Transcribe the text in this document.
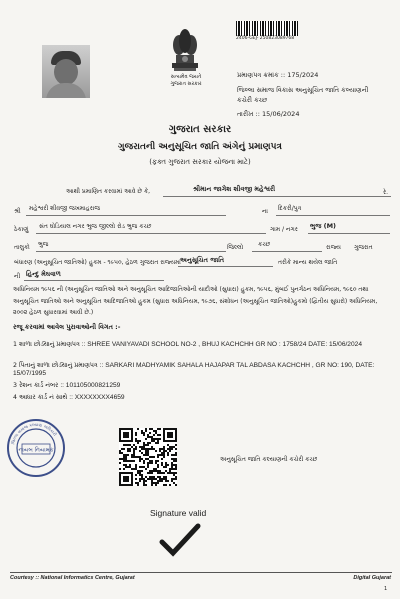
2406-GEJ- 250823089768
સત્યમેવ જયતે
ગુજરાત સરકાર
પ્રમાણપત્ર ક્રમાંક :: 175/2024
જિલ્લા સમાજ વિકાસ અનુસૂચિત જાતિ કલ્યાણની
કચેરી કચ્છ
તારીખ :: 15/06/2024
ગુજરાત સરકાર
ગુજરાતની અનુસૂચિત જાતિ અંગેનું પ્રમાણપત્ર
(ફક્ત ગુજરાત સરકાર યોજના માટે)
આથી પ્રમાણિત કરવામાં આવે છે કે,	શ્રીમાન જાગેશ શીવજી મહેશ્વરી	રે.
શ્રી મહેશ્વરી શીવજી જખમાહરાજ	ના દિકરી/પુત્ર
ઠેકાણું સંત ઘોડિયાલ નગર ભુજ જીલ્લો રોડ ભુજ કચ્છ	ગામ / નગર ભુજ (M)
તાલુકો ભુજ	જિલ્લો કચ્છ	રાજ્ય ગુજરાત
બંધારણ (અનુસૂચિત જાતિઓ) હુકમ - ૧૯૫૦, હેઠળ ગુજરાત રાજ્યમાં અનુસૂચિત જાતિ	તરીકે માન્ય થયેલ જાતિ
ની હિન્દુ મેઘવાળ
અધિનિયમ ૧૯૫૬ ની (અનુસૂચિત જાતિઓ અને અનુસૂચિત આદિજાતિઓની યાદીઓ (સુધારા) હુકમ, ૧૯૫૬, મુંબઈ પુનર્ગઠન અધિનિયમ, ૧૯૬૦ તથા અનુસૂચિત જાતિઓ અને અનુસૂચિત આદિજાતિઓ હુકમ (સુધારા અધિનિયમ, ૧૯૭૬, સંશોધન (અનુસૂચિત જાતિઓ)હુકમો (દ્વિતીય સુધારો) અધિનિયમ, ૨૦૦૨ હેઠળ સુધારવામાં આવી છે.)
રજૂ કરવામાં આવેલ પુરાવાઓની વિગત :-
1 શાળા છોડ્યાનું પ્રમાણપત્ર :: SHREE VANIYAVADI SCHOOL NO-2 , BHUJ KACHCHH GR NO : 1758/24 DATE: 15/06/2024
2 પિતાનું શાળા છોડ્યાનું પ્રમાણપત્ર :: SARKARI MADHYAMIK SAHALA HAJAPAR TAL ABDASA KACHCHH , GR NO: 190, DATE: 15/07/1995
3 રેશન કાર્ડ નંબર :: 101105000821259
4 આધાર કાર્ડ નં સાથે :: XXXXXXXX4659
નાયબ નિયામક
જિલ્લા સમાજ કલ્યાણ અધિકારી
અનુસૂચિત જાતિ કલ્યાણની કચેરી કચ્છ
Signature valid
Courtesy :: National Informatics Centre, Gujarat	Digital Gujarat
1
